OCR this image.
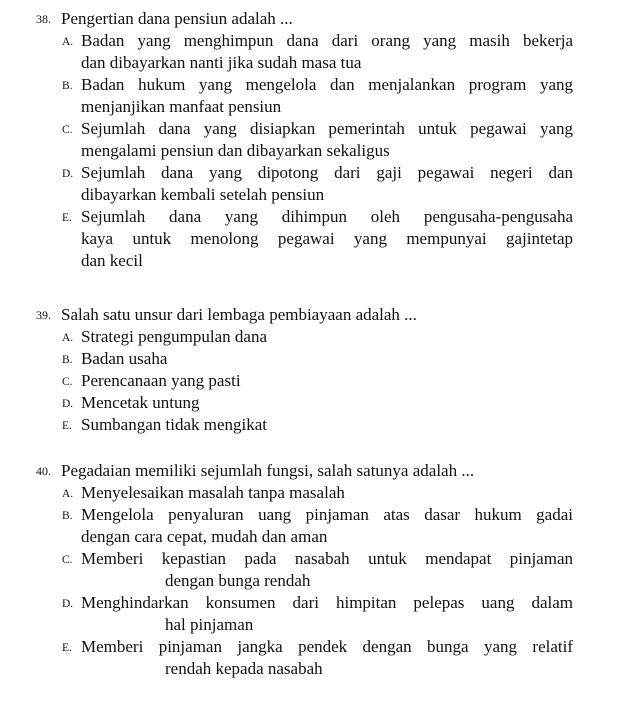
38. Pengertian dana pensiun adalah ...
A. Badan yang menghimpun dana dari orang yang masih bekerja
dan dibayarkan nanti jika sudah masa tua
B. Badan hukum yang mengelola dan menjalankan program yang
menjanjikan manfaat pensiun
C. Sejumlah dana yang disiapkan pemerintah untuk pegawai yang
mengalami pensiun dan dibayarkan sekaligus
D. Sejumlah dana yang dipotong dari gaji pegawai negeri dan
dibayarkan kembali setelah pensiun
E. Sejumlah dana yang dihimpun oleh pengusaha-pengusaha
kaya untuk menolong pegawai yang mempunyai gajintetap
dan kecil
39. Salah satu unsur dari lembaga pembiayaan adalah ...
A. Strategi pengumpulan dana
B. Badan usaha
C. Perencanaan yang pasti
D. Mencetak untung
E. Sumbangan tidak mengikat
40. Pegadaian memiliki sejumlah fungsi, salah satunya adalah ...
A. Menyelesaikan masalah tanpa masalah
B. Mengelola penyaluran uang pinjaman atas dasar hukum gadai
dengan cara cepat, mudah dan aman
C. Memberi kepastian pada nasabah untuk mendapat pinjaman
dengan bunga rendah
D. Menghindarkan konsumen dari himpitan pelepas uang dalam
hal pinjaman
E. Memberi pinjaman jangka pendek dengan bunga yang relatif
rendah kepada nasabah
